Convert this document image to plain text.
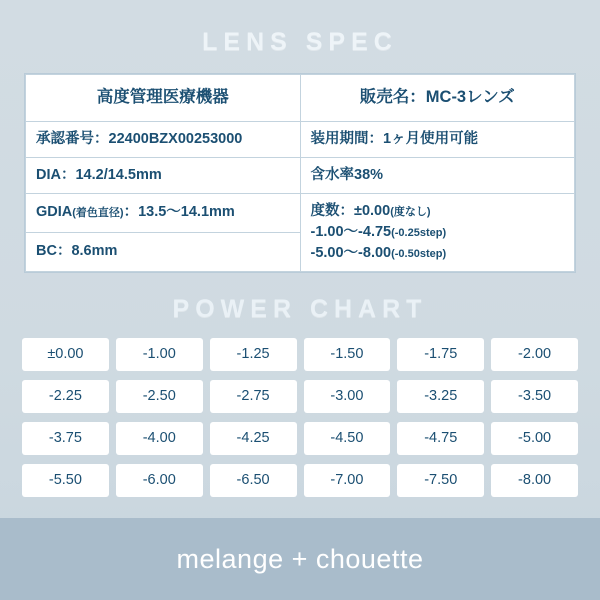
LENS SPEC
高度管理医療機器	販売名：MC-3レンズ
承認番号：22400BZX00253000	装用期間：1ヶ月使用可能
DIA：14.2/14.5mm	含水率38%
GDIA(着色直径)：13.5～14.1mm	度数：±0.00(度なし)
-1.00～-4.75(-0.25step)
-5.00～-8.00(-0.50step)

BC：8.6mm	
POWER CHART
±0.00	-1.00	-1.25	-1.50	-1.75	-2.00
-2.25	-2.50	-2.75	-3.00	-3.25	-3.50
-3.75	-4.00	-4.25	-4.50	-4.75	-5.00
-5.50	-6.00	-6.50	-7.00	-7.50	-8.00
melange + chouette
